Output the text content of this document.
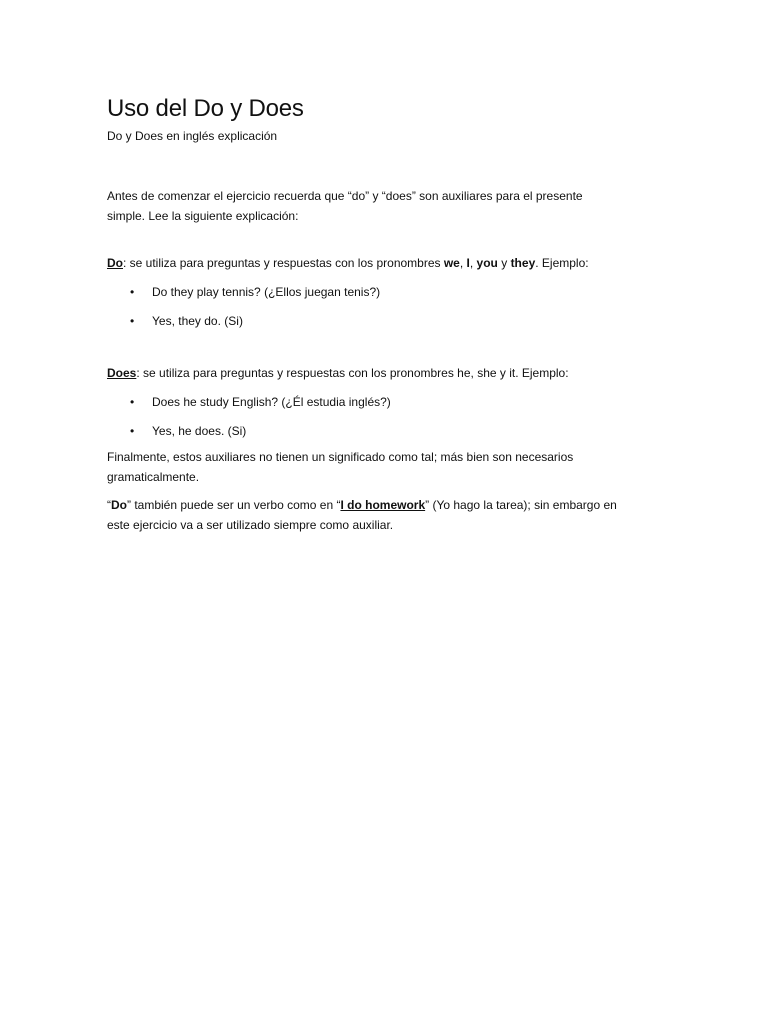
Uso del Do y Does

Do y Does en inglés explicación

Antes de comenzar el ejercicio recuerda que “do” y “does” son auxiliares para el presente
simple. Lee la siguiente explicación:

Do: se utiliza para preguntas y respuestas con los pronombres we, I, you y they. Ejemplo:

• Do they play tennis? (¿Ellos juegan tenis?)
• Yes, they do. (Si)

Does: se utiliza para preguntas y respuestas con los pronombres he, she y it. Ejemplo:

• Does he study English? (¿Él estudia inglés?)
• Yes, he does. (Si)

Finalmente, estos auxiliares no tienen un significado como tal; más bien son necesarios
gramaticalmente.

“Do” también puede ser un verbo como en “I do homework” (Yo hago la tarea); sin embargo en
este ejercicio va a ser utilizado siempre como auxiliar.
